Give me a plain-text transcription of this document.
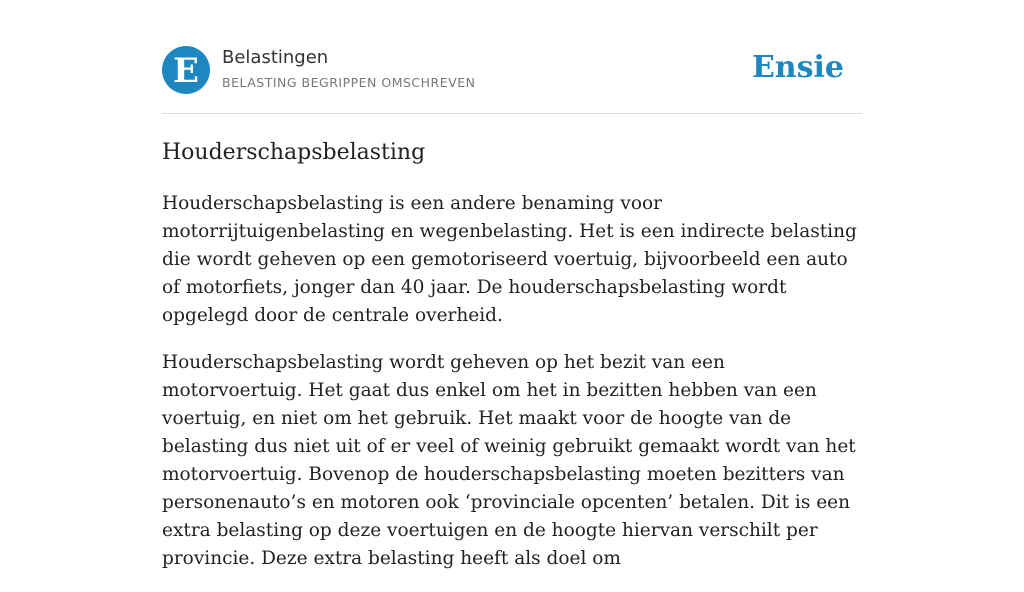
E Belastingen
BELASTING BEGRIPPEN OMSCHREVEN	Ensie
Houderschapsbelasting

Houderschapsbelasting is een andere benaming voor motorrijtuigenbelasting en wegenbelasting. Het is een indirecte belasting die wordt geheven op een gemotoriseerd voertuig, bijvoorbeeld een auto of motorfiets, jonger dan 40 jaar. De houderschapsbelasting wordt opgelegd door de centrale overheid.

Houderschapsbelasting wordt geheven op het bezit van een motorvoertuig. Het gaat dus enkel om het in bezitten hebben van een voertuig, en niet om het gebruik. Het maakt voor de hoogte van de belasting dus niet uit of er veel of weinig gebruikt gemaakt wordt van het motorvoertuig. Bovenop de houderschapsbelasting moeten bezitters van personenauto’s en motoren ook ‘provinciale opcenten’ betalen. Dit is een extra belasting op deze voertuigen en de hoogte hiervan verschilt per provincie. Deze extra belasting heeft als doel om
